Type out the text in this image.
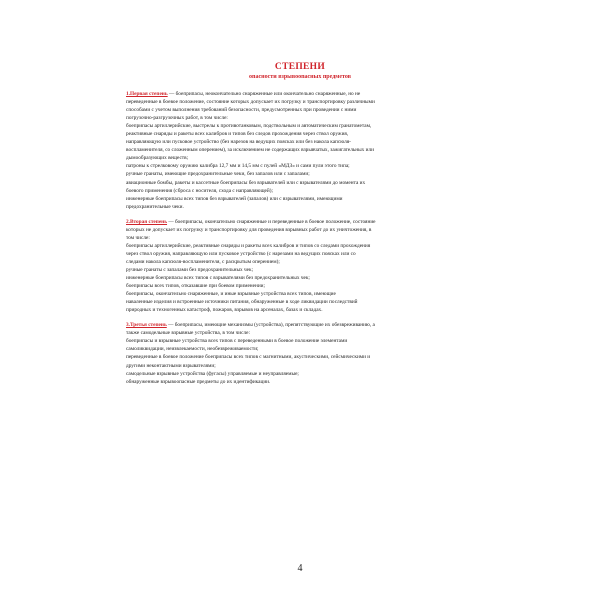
СТЕПЕНИ
опасности взрывоопасных предметов
1.Первая степень — боеприпасы, неокончательно снаряженные или окончательно снаряженные, но не
переведенные в боевое положение, состояние которых допускает их погрузку и транспортировку различными
способами с учетом выполнения требований безопасности, предусмотренных при проведении с ними
погрузочно-разгрузочных работ, в том числе:
боеприпасы артиллерийские, выстрелы к противотанковым, подствольным и автоматическим гранатометам,
реактивные снаряды и ракеты всех калибров и типов без следов прохождения через ствол оружия,
направляющую или пусковое устройство (без нарезов на ведущих поясках или без накола капсюля-
воспламенителя, со сложенным оперением), за исключением не содержащих взрывчатых, зажигательных или
дымообразующих веществ;
патроны к стрелковому оружию калибра 12,7 мм и 14,5 мм с пулей «МДЗ» и сами пули этого типа;
ручные гранаты, имеющие предохранительные чеки, без запалов или с запалами;
авиационные бомбы, ракеты и кассетные боеприпасы без взрывателей или с взрывателями до момента их
боевого применения (сброса с носителя, схода с направляющей);
инженерные боеприпасы всех типов без взрывателей (запалов) или с взрывателями, имеющими
предохранительные чеки.
2.Вторая степень — боеприпасы, окончательно снаряженные и переведенные в боевое положение, состояние
которых не допускает их погрузку и транспортировку для проведения взрывных работ до их уничтожения, в
том числе:
боеприпасы артиллерийские, реактивные снаряды и ракеты всех калибров и типов со следами прохождения
через ствол оружия, направляющую или пусковое устройство (с нарезами на ведущих поясках или со
следами накола капсюля-воспламенителя, с раскрытым оперением);
ручные гранаты с запалами без предохранительных чек;
инженерные боеприпасы всех типов с взрывателями без предохранительных чек;
боеприпасы всех типов, отказавшие при боевом применении;
боеприпасы, окончательно снаряженные, и иные взрывные устройства всех типов, имеющие
наваленные изделия и встроенные источники питания, обнаруженные в ходе ликвидации последствий
природных и техногенных катастроф, пожаров, взрывов на арсеналах, базах и складах.
3.Третья степень — боеприпасы, имеющие механизмы (устройства), препятствующие их обезвреживанию, а
также самодельные взрывные устройства, в том числе:
боеприпасы и взрывные устройства всех типов с переведенными в боевое положение элементами
самоликвидации, неизвлекаемости, необезвреживаемости;
переведенные в боевое положение боеприпасы всех типов с магнитными, акустическими, сейсмическими и
другими неконтактными взрывателями;
самодельные взрывные устройства (фугасы) управляемые и неуправляемые;
обнаруженные взрывоопасные предметы до их идентификации.
4
